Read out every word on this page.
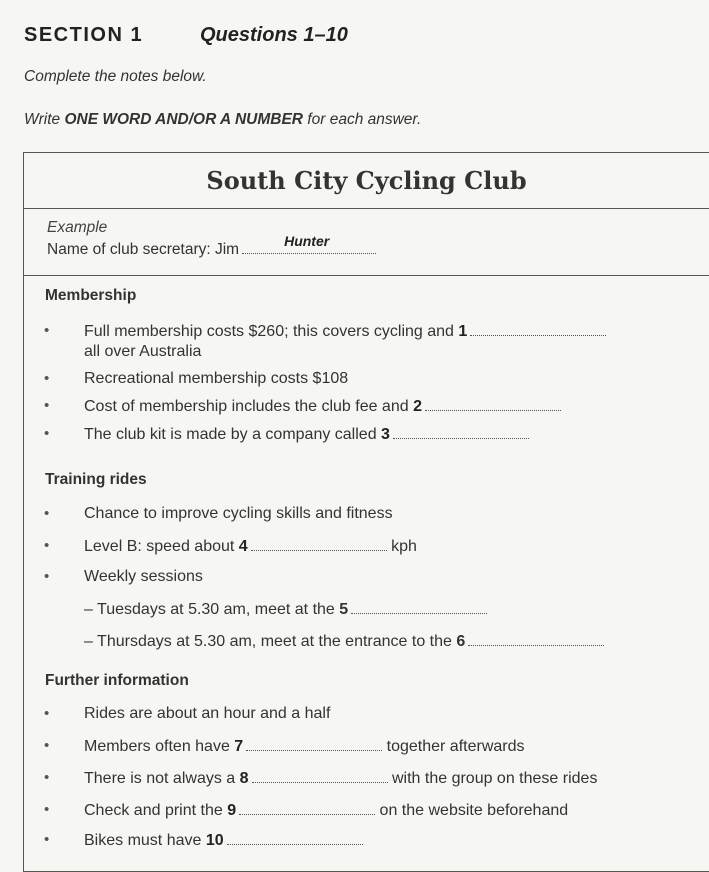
SECTION 1	Questions 1–10
Complete the notes below.
Write ONE WORD AND/OR A NUMBER for each answer.
South City Cycling Club
Example
Name of club secretary: Jim	Hunter
Membership
• Full membership costs $260; this covers cycling and 1
all over Australia
• Recreational membership costs $108
• Cost of membership includes the club fee and 2
• The club kit is made by a company called 3
Training rides
• Chance to improve cycling skills and fitness
• Level B: speed about 4	kph
• Weekly sessions
– Tuesdays at 5.30 am, meet at the 5
– Thursdays at 5.30 am, meet at the entrance to the 6
Further information
• Rides are about an hour and a half
• Members often have 7	together afterwards
• There is not always a 8	with the group on these rides
• Check and print the 9	on the website beforehand
• Bikes must have 10
